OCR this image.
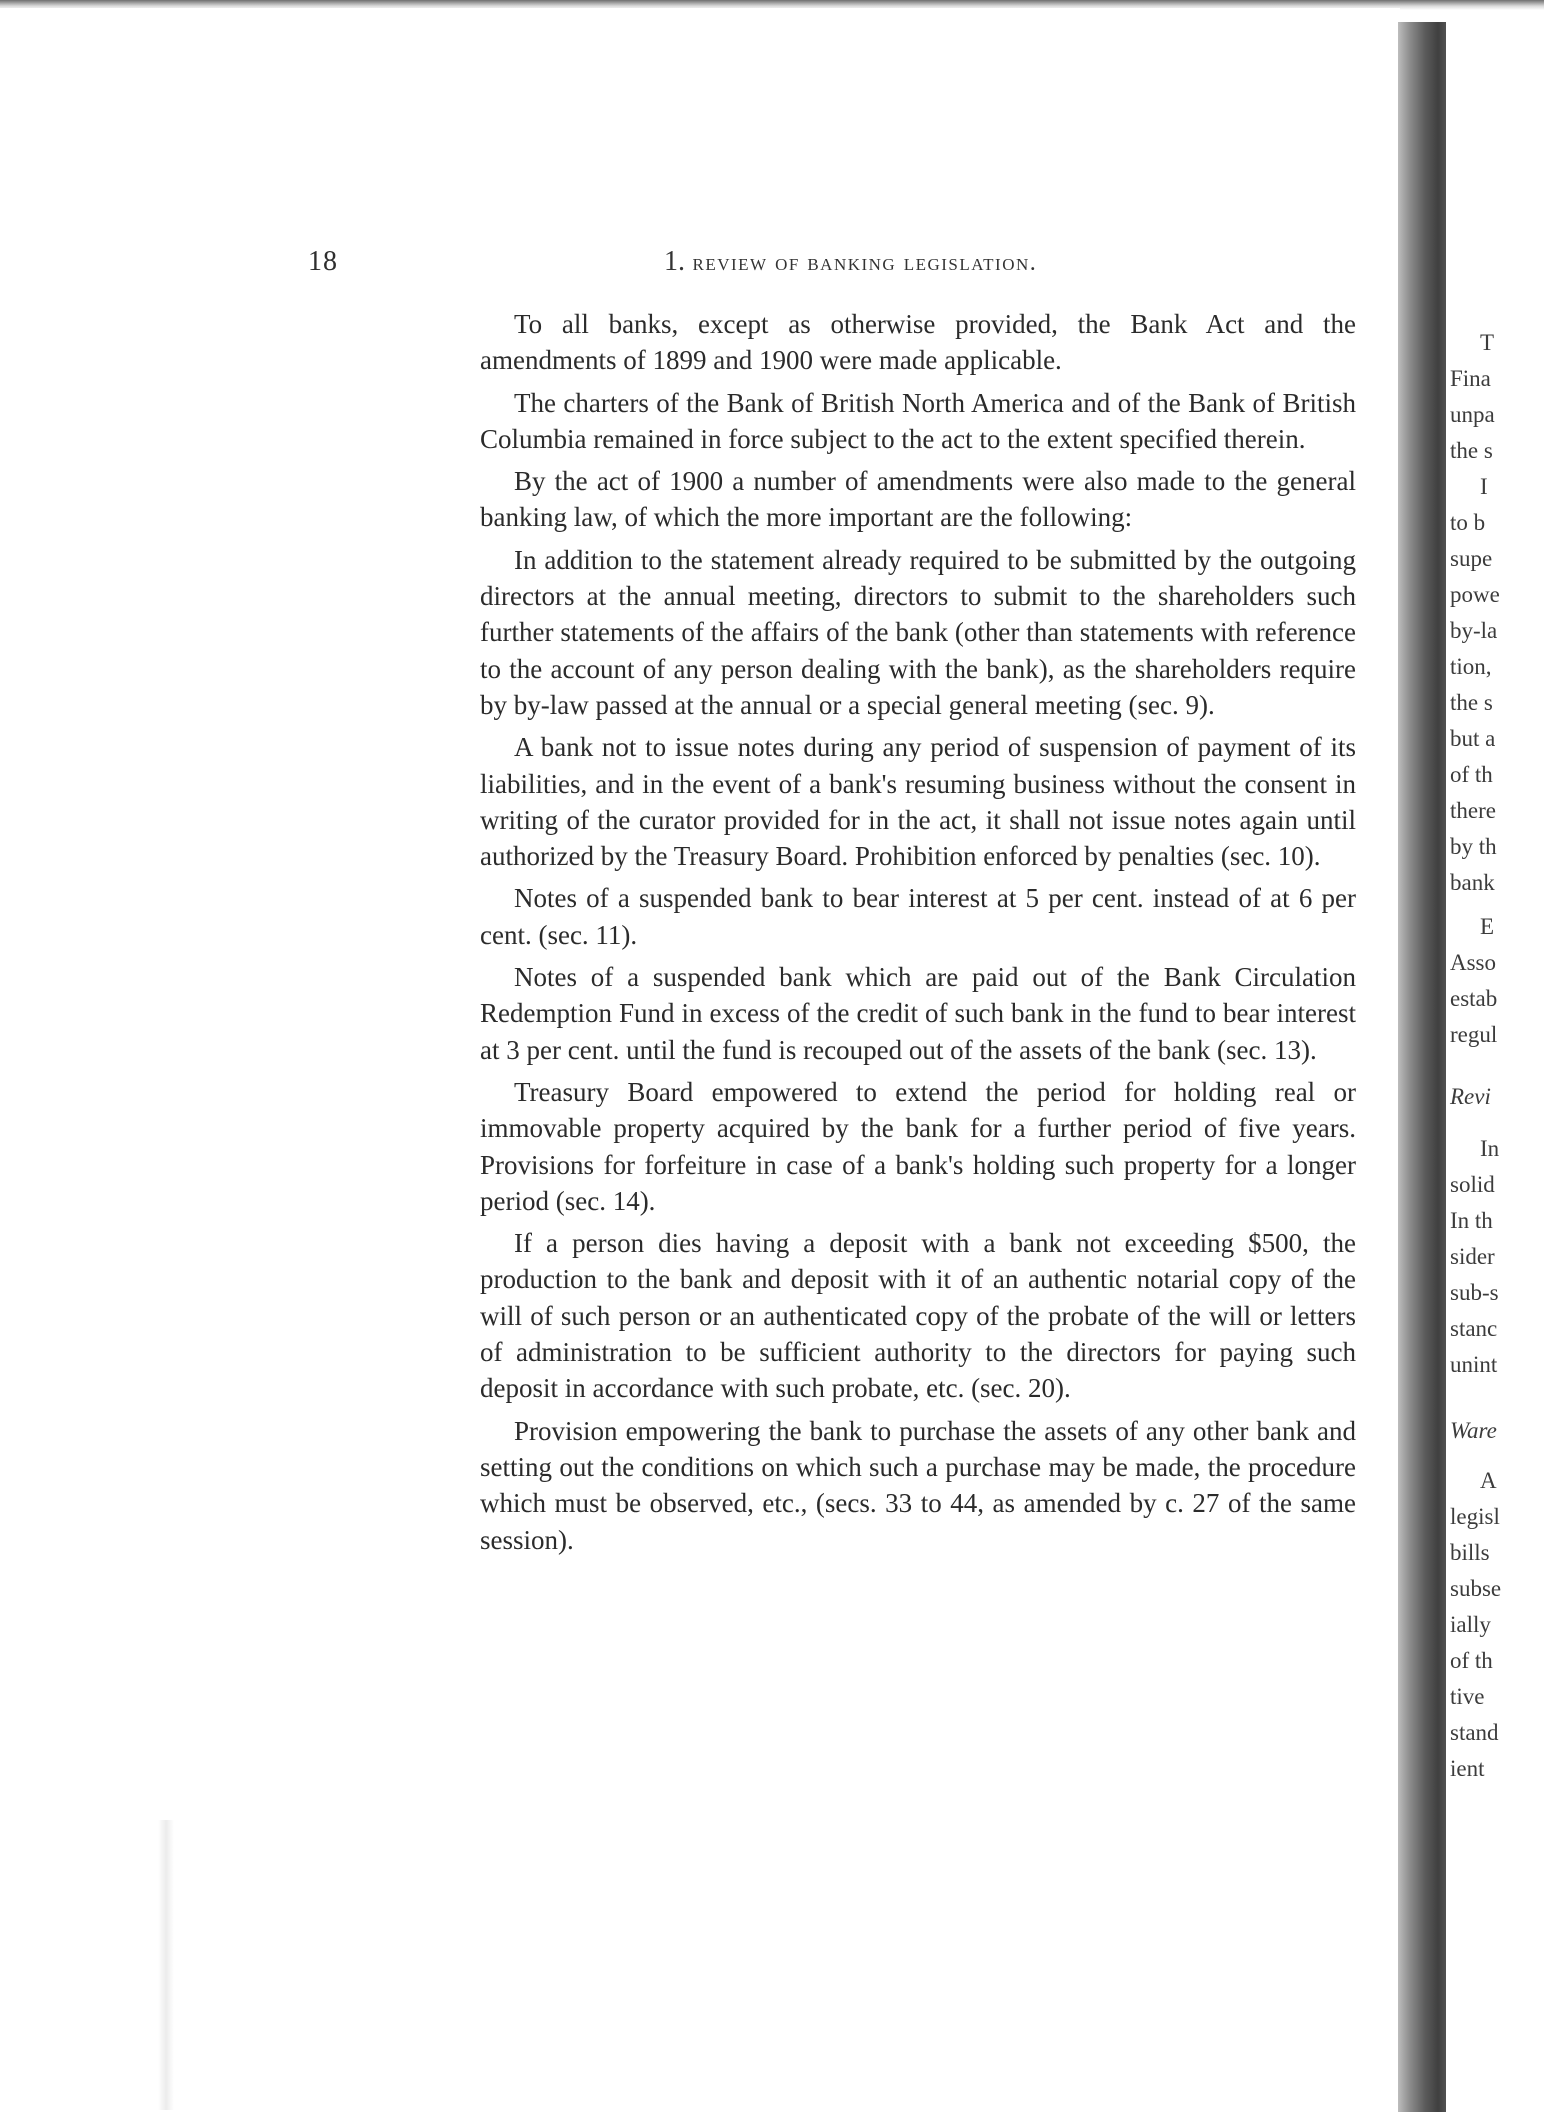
18	1. review of banking legislation.

To all banks, except as otherwise provided, the Bank Act and the amendments of 1899 and 1900 were made applicable.

The charters of the Bank of British North America and of the Bank of British Columbia remained in force subject to the act to the extent specified therein.

By the act of 1900 a number of amendments were also made to the general banking law, of which the more important are the following:

In addition to the statement already required to be submitted by the outgoing directors at the annual meeting, directors to submit to the shareholders such further statements of the affairs of the bank (other than statements with reference to the account of any person dealing with the bank), as the shareholders require by by-law passed at the annual or a special general meeting (sec. 9).

A bank not to issue notes during any period of suspension of payment of its liabilities, and in the event of a bank's resuming business without the consent in writing of the curator provided for in the act, it shall not issue notes again until authorized by the Treasury Board. Prohibition enforced by penalties (sec. 10).

Notes of a suspended bank to bear interest at 5 per cent. instead of at 6 per cent. (sec. 11).

Notes of a suspended bank which are paid out of the Bank Circulation Redemption Fund in excess of the credit of such bank in the fund to bear interest at 3 per cent. until the fund is recouped out of the assets of the bank (sec. 13).

Treasury Board empowered to extend the period for holding real or immovable property acquired by the bank for a further period of five years. Provisions for forfeiture in case of a bank's holding such property for a longer period (sec. 14).

If a person dies having a deposit with a bank not exceeding $500, the production to the bank and deposit with it of an authentic notarial copy of the will of such person or an authenticated copy of the probate of the will or letters of administration to be sufficient authority to the directors for paying such deposit in accordance with such probate, etc. (sec. 20).

Provision empowering the bank to purchase the assets of any other bank and setting out the conditions on which such a purchase may be made, the procedure which must be observed, etc., (secs. 33 to 44, as amended by c. 27 of the same session).

T
Fina
unpa
the s
I
to b
supe
powe
by-la
tion,
the s
but a
of th
there
by th
bank
E
Asso
estab
regul
Revi
In
solid
In th
sider
sub-s
stanc
unint
Ware
A
legisl
bills
subse
ially
of th
tive
stand
ient
